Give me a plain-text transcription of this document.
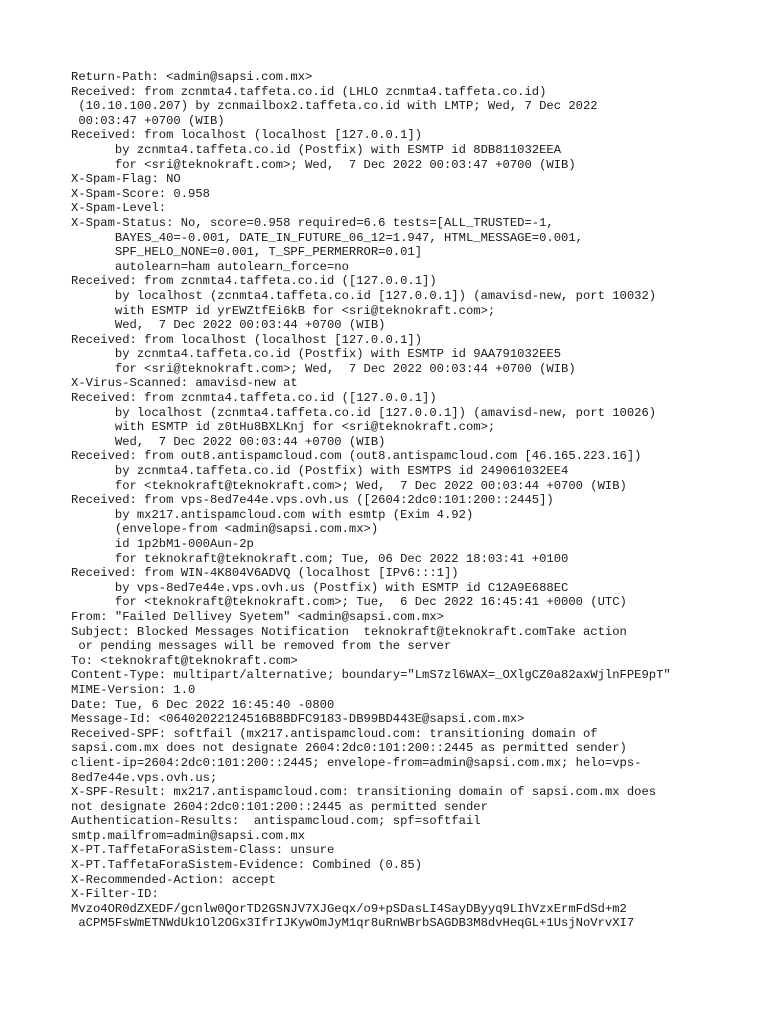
Return-Path: <admin@sapsi.com.mx>
Received: from zcnmta4.taffeta.co.id (LHLO zcnmta4.taffeta.co.id)
(10.10.100.207) by zcnmailbox2.taffeta.co.id with LMTP; Wed, 7 Dec 2022
00:03:47 +0700 (WIB)
Received: from localhost (localhost [127.0.0.1])
by zcnmta4.taffeta.co.id (Postfix) with ESMTP id 8DB811032EEA
for <sri@teknokraft.com>; Wed,  7 Dec 2022 00:03:47 +0700 (WIB)
X-Spam-Flag: NO
X-Spam-Score: 0.958
X-Spam-Level:
X-Spam-Status: No, score=0.958 required=6.6 tests=[ALL_TRUSTED=-1,
BAYES_40=-0.001, DATE_IN_FUTURE_06_12=1.947, HTML_MESSAGE=0.001,
SPF_HELO_NONE=0.001, T_SPF_PERMERROR=0.01]
autolearn=ham autolearn_force=no
Received: from zcnmta4.taffeta.co.id ([127.0.0.1])
by localhost (zcnmta4.taffeta.co.id [127.0.0.1]) (amavisd-new, port 10032)
with ESMTP id yrEWZtfEi6kB for <sri@teknokraft.com>;
Wed,  7 Dec 2022 00:03:44 +0700 (WIB)
Received: from localhost (localhost [127.0.0.1])
by zcnmta4.taffeta.co.id (Postfix) with ESMTP id 9AA791032EE5
for <sri@teknokraft.com>; Wed,  7 Dec 2022 00:03:44 +0700 (WIB)
X-Virus-Scanned: amavisd-new at
Received: from zcnmta4.taffeta.co.id ([127.0.0.1])
by localhost (zcnmta4.taffeta.co.id [127.0.0.1]) (amavisd-new, port 10026)
with ESMTP id z0tHu8BXLKnj for <sri@teknokraft.com>;
Wed,  7 Dec 2022 00:03:44 +0700 (WIB)
Received: from out8.antispamcloud.com (out8.antispamcloud.com [46.165.223.16])
by zcnmta4.taffeta.co.id (Postfix) with ESMTPS id 249061032EE4
for <teknokraft@teknokraft.com>; Wed,  7 Dec 2022 00:03:44 +0700 (WIB)
Received: from vps-8ed7e44e.vps.ovh.us ([2604:2dc0:101:200::2445])
by mx217.antispamcloud.com with esmtp (Exim 4.92)
(envelope-from <admin@sapsi.com.mx>)
id 1p2bM1-000Aun-2p
for teknokraft@teknokraft.com; Tue, 06 Dec 2022 18:03:41 +0100
Received: from WIN-4K804V6ADVQ (localhost [IPv6:::1])
by vps-8ed7e44e.vps.ovh.us (Postfix) with ESMTP id C12A9E688EC
for <teknokraft@teknokraft.com>; Tue,  6 Dec 2022 16:45:41 +0000 (UTC)
From: "Failed Dellivey Syetem" <admin@sapsi.com.mx>
Subject: Blocked Messages Notification  teknokraft@teknokraft.comTake action
or pending messages will be removed from the server
To: <teknokraft@teknokraft.com>
Content-Type: multipart/alternative; boundary="LmS7zl6WAX=_OXlgCZ0a82axWjlnFPE9pT"
MIME-Version: 1.0
Date: Tue, 6 Dec 2022 16:45:40 -0800
Message-Id: <06402022124516B8BDFC9183-DB99BD443E@sapsi.com.mx>
Received-SPF: softfail (mx217.antispamcloud.com: transitioning domain of
sapsi.com.mx does not designate 2604:2dc0:101:200::2445 as permitted sender)
client-ip=2604:2dc0:101:200::2445; envelope-from=admin@sapsi.com.mx; helo=vps-
8ed7e44e.vps.ovh.us;
X-SPF-Result: mx217.antispamcloud.com: transitioning domain of sapsi.com.mx does
not designate 2604:2dc0:101:200::2445 as permitted sender
Authentication-Results:  antispamcloud.com; spf=softfail
smtp.mailfrom=admin@sapsi.com.mx
X-PT.TaffetaForaSistem-Class: unsure
X-PT.TaffetaForaSistem-Evidence: Combined (0.85)
X-Recommended-Action: accept
X-Filter-ID:
Mvzo4OR0dZXEDF/gcnlw0QorTD2GSNJV7XJGeqx/o9+pSDasLI4SayDByyq9LIhVzxErmFdSd+m2
aCPM5FsWmETNWdUk1Ol2OGx3IfrIJKywOmJyM1qr8uRnWBrbSAGDB3M8dvHeqGL+1UsjNoVrvXI7
